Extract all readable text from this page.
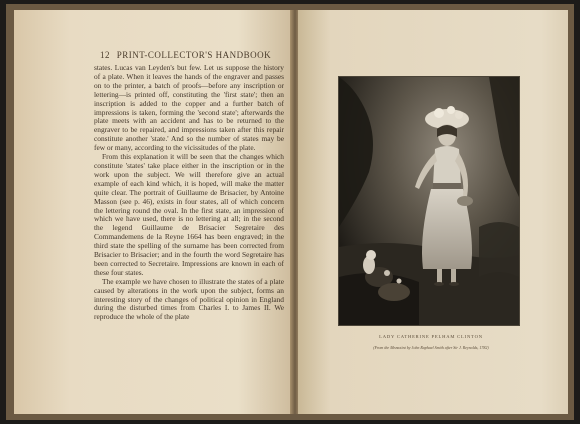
12 PRINT-COLLECTOR'S HANDBOOK

states. Lucas van Leyden's but few. Let us suppose the history of a plate. When it leaves the hands of the engraver and passes on to the printer, a batch of proofs—before any inscription or lettering—is printed off, constituting the 'first state'; then an inscription is added to the copper and a further batch of impressions is taken, forming the 'second state'; afterwards the plate meets with an accident and has to be returned to the engraver to be repaired, and impressions taken after this repair constitute another 'state.' And so the number of states may be few or many, according to the vicissitudes of the plate.

From this explanation it will be seen that the changes which constitute 'states' take place either in the inscription or in the work upon the subject. We will therefore give an actual example of each kind which, it is hoped, will make the matter quite clear. The portrait of Guillaume de Brisacier, by Antoine Masson (see p. 46), exists in four states, all of which concern the lettering round the oval. In the first state, an impression of which we have used, there is no lettering at all; in the second the legend Guillaume de Brisacier Segretaire des Commandemens de la Reyne 1664 has been engraved; in the third state the spelling of the surname has been corrected from Brisacier to Brisacier; and in the fourth the word Segretaire has been corrected to Secretaire. Impressions are known in each of these four states.

The example we have chosen to illustrate the states of a plate caused by alterations in the work upon the subject, forms an interesting story of the changes of political opinion in England during the disturbed times from Charles I. to James II. We reproduce the whole of the plate

LADY CATHERINE PELHAM CLINTON
(From the Mezzotint by John Raphael Smith after Sir J. Reynolds, 1782)
